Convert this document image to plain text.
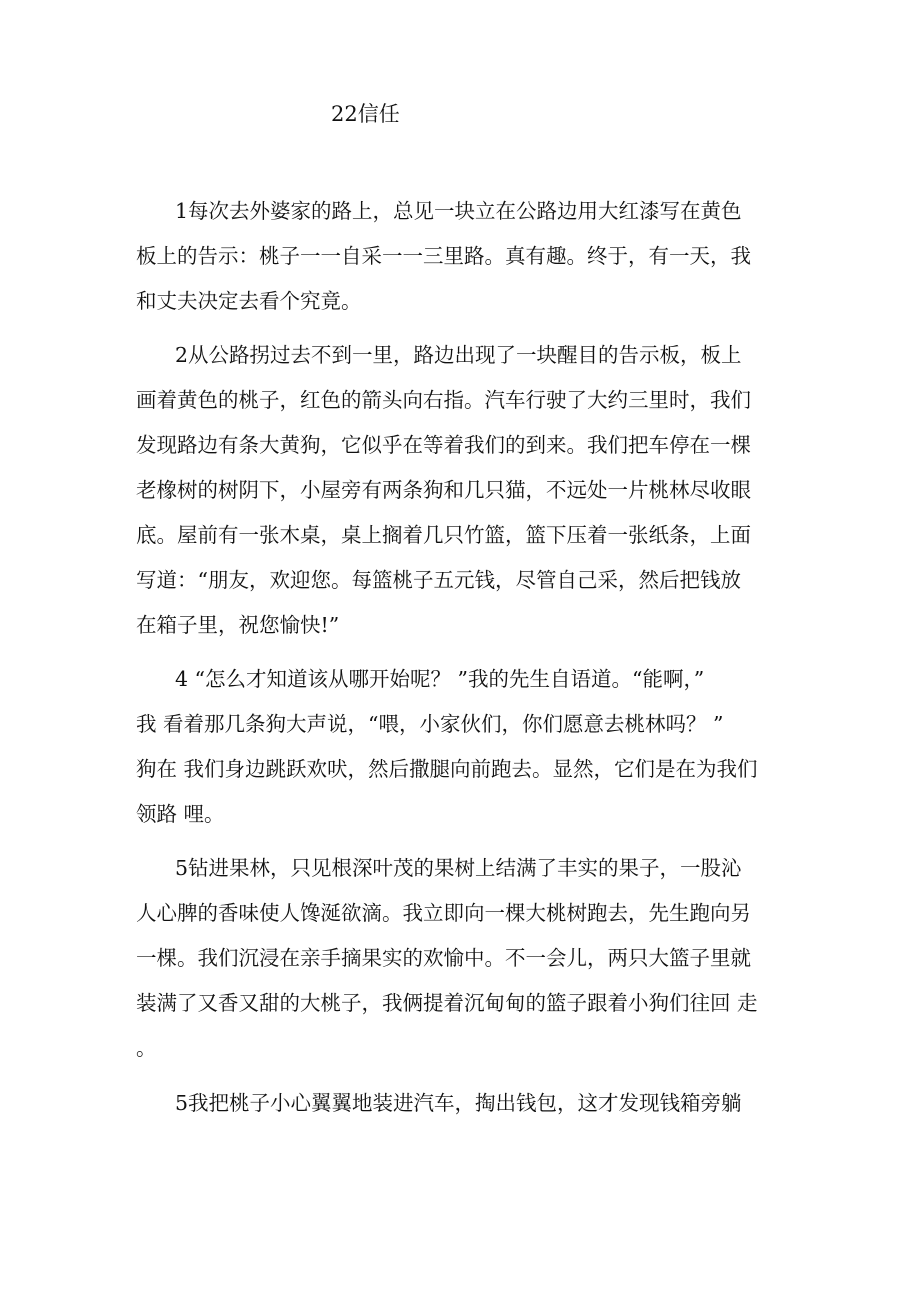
22信任

1每次去外婆家的路上，总见一块立在公路边用大红漆写在黄色

板上的告示：桃子一一自采一一三里路。真有趣。终于，有一天，我

和丈夫决定去看个究竟。

2从公路拐过去不到一里，路边出现了一块醒目的告示板，板上

画着黄色的桃子，红色的箭头向右指。汽车行驶了大约三里时，我们

发现路边有条大黄狗，它似乎在等着我们的到来。我们把车停在一棵

老橡树的树阴下，小屋旁有两条狗和几只猫，不远处一片桃林尽收眼

底。屋前有一张木桌，桌上搁着几只竹篮，篮下压着一张纸条，上面

写道：“朋友，欢迎您。每篮桃子五元钱，尽管自己采，然后把钱放

在箱子里，祝您愉快!”

4 “怎么才知道该从哪开始呢？ ”我的先生自语道。“能啊，”

我 看着那几条狗大声说，“喂，小家伙们，你们愿意去桃林吗？ ”

狗在 我们身边跳跃欢吠，然后撒腿向前跑去。显然，它们是在为我们

领路 哩。

5钻进果林，只见根深叶茂的果树上结满了丰实的果子，一股沁

人心脾的香味使人馋涎欲滴。我立即向一棵大桃树跑去，先生跑向另

一棵。我们沉浸在亲手摘果实的欢愉中。不一会儿，两只大篮子里就

装满了又香又甜的大桃子，我俩提着沉甸甸的篮子跟着小狗们往回 走

。

5我把桃子小心翼翼地装进汽车，掏出钱包，这才发现钱箱旁躺
